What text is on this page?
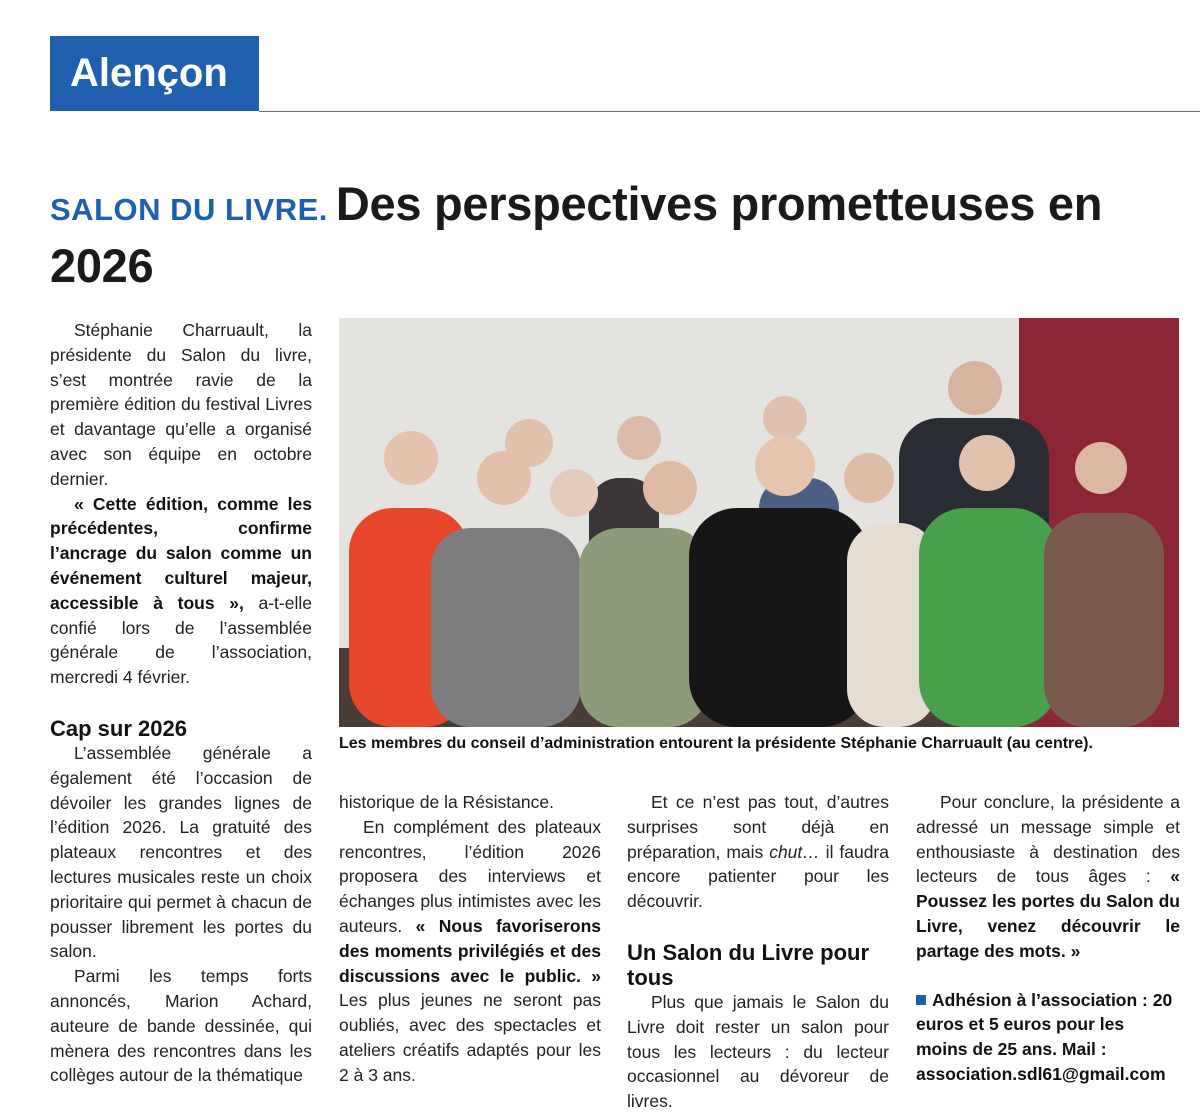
Alençon
SALON DU LIVRE. Des perspectives prometteuses en 2026

Stéphanie Charruault, la présidente du Salon du livre, s’est montrée ravie de la première édition du festival Livres et davantage qu’elle a organisé avec son équipe en octobre dernier.

« Cette édition, comme les précédentes, confirme l’ancrage du salon comme un événement culturel majeur, accessible à tous », a-t-elle confié lors de l’assemblée générale de l’association, mercredi 4 février.

Cap sur 2026

L’assemblée générale a également été l’occasion de dévoiler les grandes lignes de l’édition 2026. La gratuité des plateaux rencontres et des lectures musicales reste un choix prioritaire qui permet à chacun de pousser librement les portes du salon.

Parmi les temps forts annoncés, Marion Achard, auteure de bande dessinée, qui mènera des rencontres dans les collèges autour de la thématique

Les membres du conseil d’administration entourent la présidente Stéphanie Charruault (au centre).

historique de la Résistance.

En complément des plateaux rencontres, l’édition 2026 proposera des interviews et échanges plus intimistes avec les auteurs. « Nous favoriserons des moments privilégiés et des discussions avec le public. » Les plus jeunes ne seront pas oubliés, avec des spectacles et ateliers créatifs adaptés pour les 2 à 3 ans.

Et ce n’est pas tout, d’autres surprises sont déjà en préparation, mais chut… il faudra encore patienter pour les découvrir.

Un Salon du Livre pour tous

Plus que jamais le Salon du Livre doit rester un salon pour tous les lecteurs : du lecteur occasionnel au dévoreur de livres.

Pour conclure, la présidente a adressé un message simple et enthousiaste à destination des lecteurs de tous âges : « Poussez les portes du Salon du Livre, venez découvrir le partage des mots. »

Adhésion à l’association : 20 euros et 5 euros pour les moins de 25 ans. Mail : association.sdl61@gmail.com
